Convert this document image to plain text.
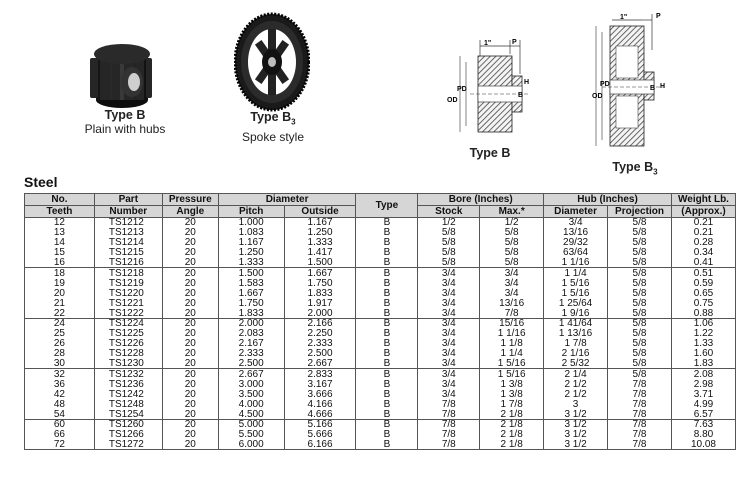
Type B
Plain with hubs
Type $B_3$
Spoke style
1"	P
PD
OD
H
B
Type B
1"	P
PD
OD
H
B
Type $B_3$
Steel
No.	Part	Pressure	Diameter		Type	Bore (Inches)		Hub (Inches)		Weight Lb.
Teeth	Number	Angle	Pitch	Outside		Stock	Max.*	Diameter	Projection	(Approx.)
12	TS1212	20	1.000	1.167	B	1/2	1/2	3/4	5/8	0.21
13	TS1213	20	1.083	1.250	B	5/8	5/8	13/16	5/8	0.21
14	TS1214	20	1.167	1.333	B	5/8	5/8	29/32	5/8	0.28
15	TS1215	20	1.250	1.417	B	5/8	5/8	63/64	5/8	0.34
16	TS1216	20	1.333	1.500	B	5/8	5/8	1 1/16	5/8	0.41
18	TS1218	20	1.500	1.667	B	3/4	3/4	1 1/4	5/8	0.51
19	TS1219	20	1.583	1.750	B	3/4	3/4	1 5/16	5/8	0.59
20	TS1220	20	1.667	1.833	B	3/4	3/4	1 5/16	5/8	0.65
21	TS1221	20	1.750	1.917	B	3/4	13/16	1 25/64	5/8	0.75
22	TS1222	20	1.833	2.000	B	3/4	7/8	1 9/16	5/8	0.88
24	TS1224	20	2.000	2.166	B	3/4	15/16	1 41/64	5/8	1.06
25	TS1225	20	2.083	2.250	B	3/4	1 1/16	1 13/16	5/8	1.22
26	TS1226	20	2.167	2.333	B	3/4	1 1/8	1 7/8	5/8	1.33
28	TS1228	20	2.333	2.500	B	3/4	1 1/4	2 1/16	5/8	1.60
30	TS1230	20	2.500	2.667	B	3/4	1 5/16	2 5/32	5/8	1.83
32	TS1232	20	2.667	2.833	B	3/4	1 5/16	2 1/4	5/8	2.08
36	TS1236	20	3.000	3.167	B	3/4	1 3/8	2 1/2	7/8	2.98
42	TS1242	20	3.500	3.666	B	3/4	1 3/8	2 1/2	7/8	3.71
48	TS1248	20	4.000	4.166	B	7/8	1 7/8	3	7/8	4.99
54	TS1254	20	4.500	4.666	B	7/8	2 1/8	3 1/2	7/8	6.57
60	TS1260	20	5.000	5.166	B	7/8	2 1/8	3 1/2	7/8	7.63
66	TS1266	20	5.500	5.666	B	7/8	2 1/8	3 1/2	7/8	8.80
72	TS1272	20	6.000	6.166	B	7/8	2 1/8	3 1/2	7/8	10.08
